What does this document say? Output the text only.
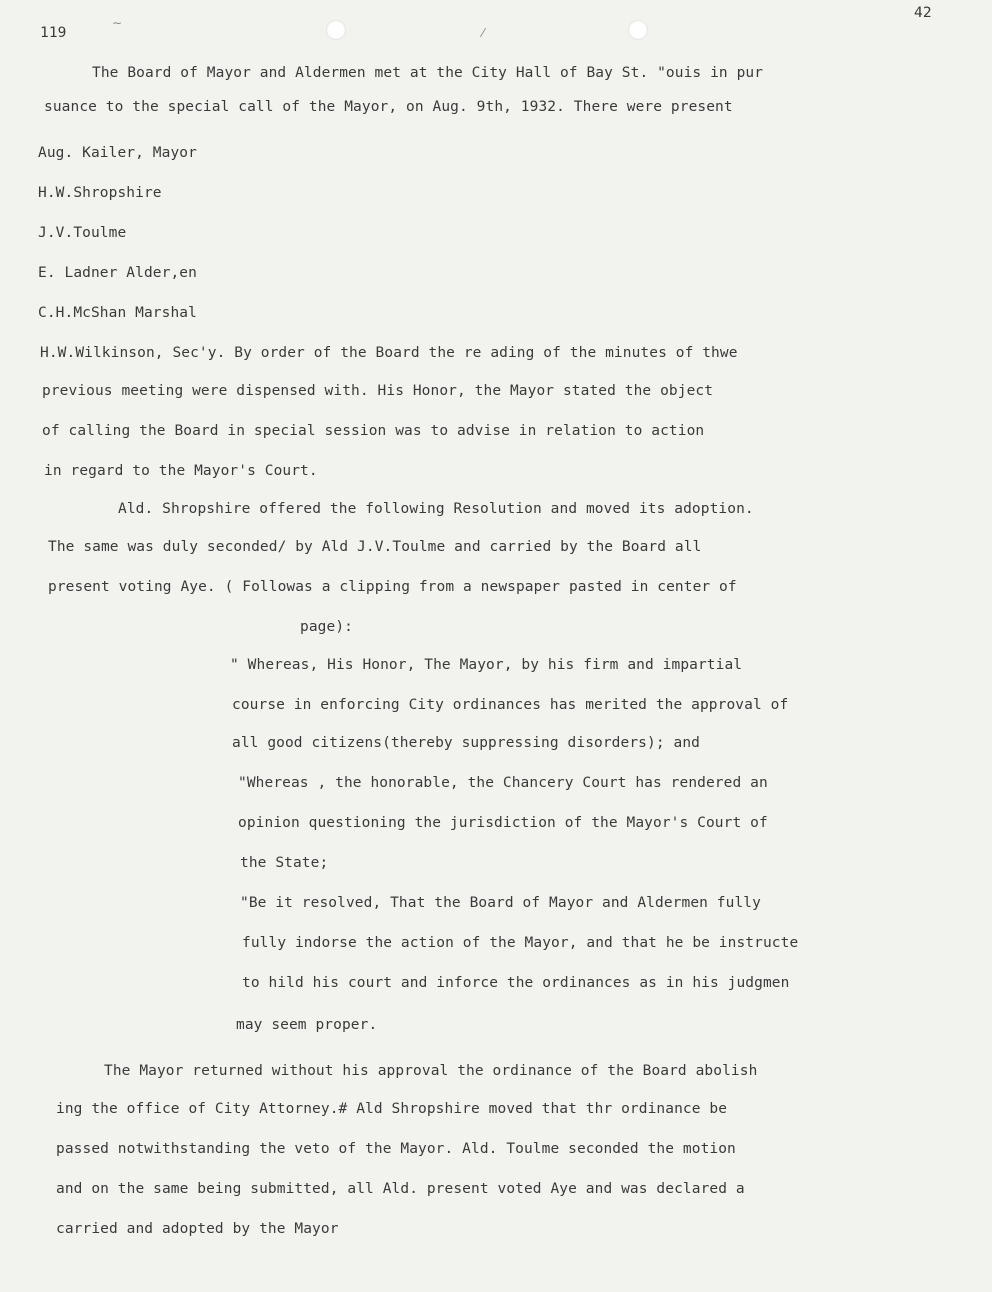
∼
⁄
119
42
The Board of Mayor and Aldermen met at the City Hall of Bay St. "ouis in pur
suance to the special call of the Mayor, on Aug. 9th, 1932. There were present
Aug. Kailer, Mayor
H.W.Shropshire
J.V.Toulme
E. Ladner Alder,en
C.H.McShan Marshal
H.W.Wilkinson, Sec'y. By order of the Board the re ading of the minutes of thwe
previous meeting were dispensed with. His Honor, the Mayor stated the object
of calling the Board in special session was to advise in relation to action
in regard to the Mayor's Court.
Ald. Shropshire offered the following Resolution and moved its adoption.
The same was duly seconded/ by Ald J.V.Toulme and carried by the Board all
present voting Aye. ( Followas a clipping from a newspaper pasted in center of
page):
" Whereas, His Honor, The Mayor, by his firm and impartial
course in enforcing City ordinances has merited the approval of
all good citizens(thereby suppressing disorders); and
"Whereas , the honorable, the Chancery Court has rendered an
opinion questioning the jurisdiction of the Mayor's Court of
the State;
"Be it resolved, That the Board of Mayor and Aldermen fully
fully indorse the action of the Mayor, and that he be instructe
to hild his court and inforce the ordinances as in his judgmen
may seem proper.
The Mayor returned without his approval the ordinance of the Board abolish
ing the office of City Attorney.# Ald Shropshire moved that thr ordinance be
passed notwithstanding the veto of the Mayor. Ald. Toulme seconded the motion
and on the same being submitted, all Ald. present voted Aye and was declared a
carried and adopted by the Mayor
